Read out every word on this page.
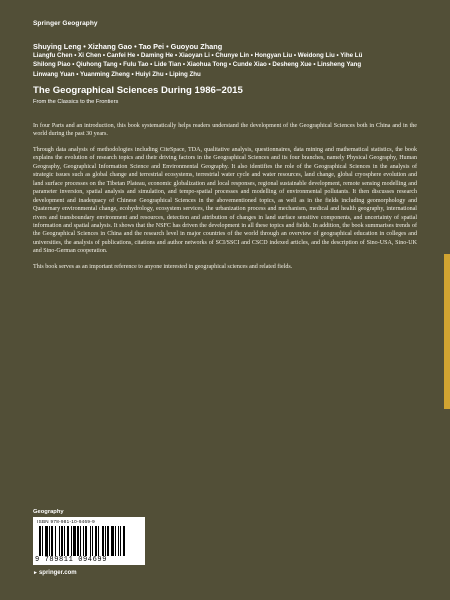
Springer Geography
Shuying Leng • Xizhang Gao • Tao Pei • Guoyou Zhang
Liangfu Chen • Xi Chen • Canfei He • Daming He • Xiaoyan Li • Chunye Lin • Hongyan Liu • Weidong Liu • Yihe Lü
Shilong Piao • Qiuhong Tang • Fulu Tao • Lide Tian • Xiaohua Tong • Cunde Xiao • Desheng Xue • Linsheng Yang
Linwang Yuan • Yuanming Zheng • Huiyi Zhu • Liping Zhu
The Geographical Sciences During 1986−2015
From the Classics to the Frontiers

In four Parts and an introduction, this book systematically helps readers understand the development of the Geographical Sciences both in China and in the world during the past 30 years.

Through data analysis of methodologies including CiteSpace, TDA, qualitative analysis, questionnaires, data mining and mathematical statistics, the book explains the evolution of research topics and their driving factors in the Geographical Sciences and its four branches, namely Physical Geography, Human Geography, Geographical Information Science and Environmental Geography. It also identifies the role of the Geographical Sciences in the analysis of strategic issues such as global change and terrestrial ecosystems, terrestrial water cycle and water resources, land change, global cryosphere evolution and land surface processes on the Tibetan Plateau, economic globalization and local responses, regional sustainable development, remote sensing modelling and parameter inversion, spatial analysis and simulation, and tempo-spatial processes and modelling of environmental pollutants. It then discusses research development and inadequacy of Chinese Geographical Sciences in the abovementioned topics, as well as in the fields including geomorphology and Quaternary environmental change, ecohydrology, ecosystem services, the urbanization process and mechanism, medical and health geography, international rivers and transboundary environment and resources, detection and attribution of changes in land surface sensitive components, and uncertainty of spatial information and spatial analysis. It shows that the NSFC has driven the development in all these topics and fields. In addition, the book summarises trends of the Geographical Sciences in China and the research level in major countries of the world through an overview of geographical education in colleges and universities, the analysis of publications, citations and author networks of SCI/SSCI and CSCD indexed articles, and the description of Sino-USA, Sino-UK and Sino-German cooperation.

This book serves as an important reference to anyone interested in geographical sciences and related fields.

Geography
ISBN 978-981-10-9469-9
9 789811 094699
►springer.com
